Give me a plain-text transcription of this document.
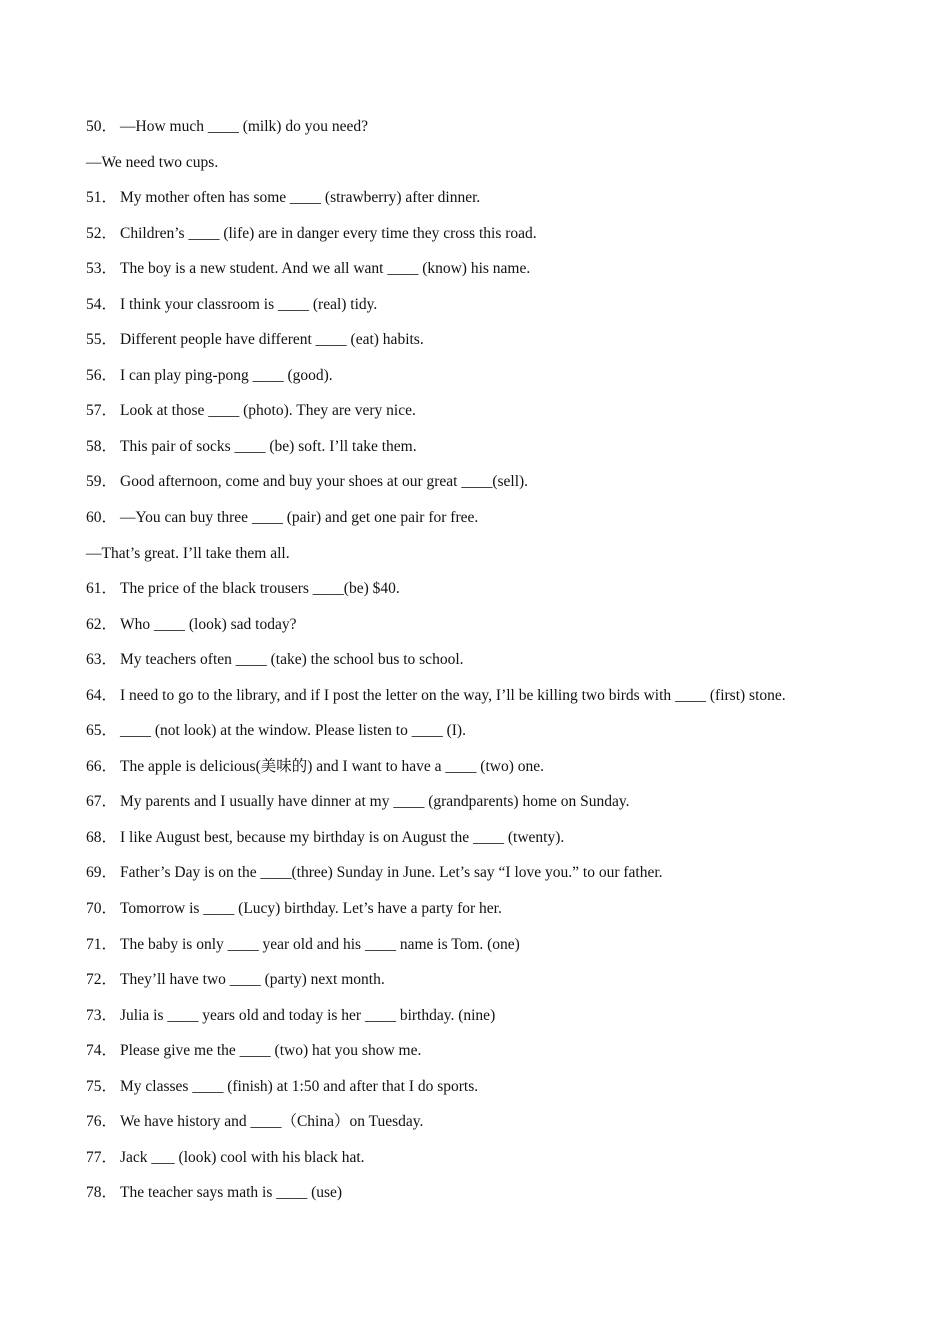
50． —How much ____ (milk) do you need?
—We need two cups.
51． My mother often has some ____ (strawberry) after dinner.
52． Children’s ____ (life) are in danger every time they cross this road.
53． The boy is a new student. And we all want ____ (know) his name.
54． I think your classroom is ____ (real) tidy.
55． Different people have different ____ (eat) habits.
56． I can play ping-pong ____ (good).
57． Look at those ____ (photo). They are very nice.
58． This pair of socks ____ (be) soft. I’ll take them.
59． Good afternoon, come and buy your shoes at our great ____(sell).
60． —You can buy three ____ (pair) and get one pair for free.
—That’s great. I’ll take them all.
61． The price of the black trousers ____(be) $40.
62． Who ____ (look) sad today?
63． My teachers often ____ (take) the school bus to school.
64． I need to go to the library, and if I post the letter on the way, I’ll be killing two birds with ____ (first) stone.
65． ____ (not look) at the window. Please listen to ____ (I).
66． The apple is delicious(美味的) and I want to have a ____ (two) one.
67． My parents and I usually have dinner at my ____ (grandparents) home on Sunday.
68． I like August best, because my birthday is on August the ____ (twenty).
69． Father’s Day is on the ____(three) Sunday in June. Let’s say “I love you.” to our father.
70． Tomorrow is ____ (Lucy) birthday. Let’s have a party for her.
71． The baby is only ____ year old and his ____ name is Tom. (one)
72． They’ll have two ____ (party) next month.
73． Julia is ____ years old and today is her ____ birthday. (nine)
74． Please give me the ____ (two) hat you show me.
75． My classes ____ (finish) at 1:50 and after that I do sports.
76． We have history and ____（China）on Tuesday.
77． Jack ___ (look) cool with his black hat.
78． The teacher says math is ____ (use)
